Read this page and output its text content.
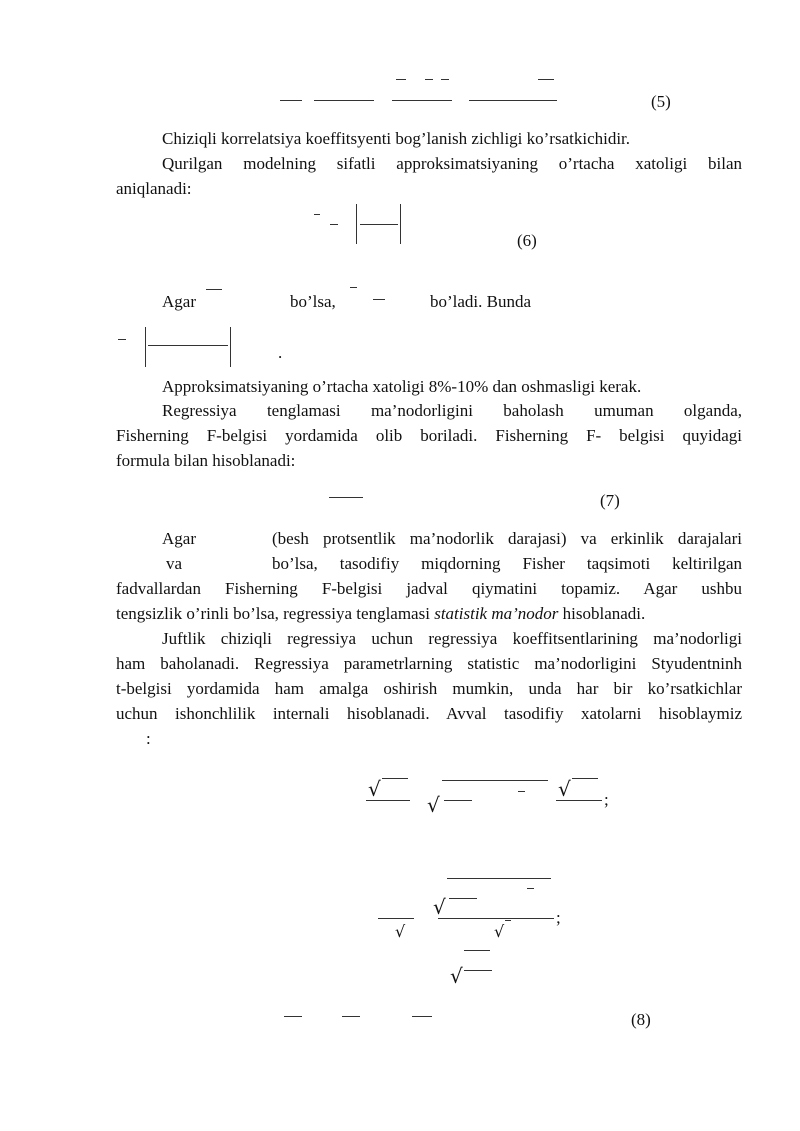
(5)
Chiziqli korrelatsiya koeffitsyenti bog’lanish zichligi ko’rsatkichidir.
Qurilgan modelning sifatli approksimatsiyaning o’rtacha xatoligi bilan
aniqlanadi:
(6)
Agar	bo’lsa,	bo’ladi. Bunda
.
Approksimatsiyaning o’rtacha xatoligi 8%-10% dan oshmasligi kerak.
Regressiya tenglamasi ma’nodorligini baholash umuman olganda,
Fisherning F-belgisi yordamida olib boriladi. Fisherning F- belgisi quyidagi
formula bilan hisoblanadi:
(7)
Agar	(besh protsentlik ma’nodorlik darajasi) va erkinlik darajalari
va	bo’lsa, tasodifiy miqdorning Fisher taqsimoti keltirilgan
fadvallardan Fisherning F-belgisi jadval qiymatini topamiz. Agar ushbu
tengsizlik o’rinli bo’lsa, regressiya tenglamasi statistik ma’nodor hisoblanadi.
Juftlik chiziqli regressiya uchun regressiya koeffitsentlarining ma’nodorligi
ham baholanadi. Regressiya parametrlarning statistic ma’nodorligini Styudentninh
t-belgisi yordamida ham amalga oshirish mumkin, unda har bir ko’rsatkichlar
uchun ishonchlilik internali hisoblanadi. Avval tasodifiy xatolarni hisoblaymiz
:
√
√
√ ;
√	;
√	√
√
(8)
